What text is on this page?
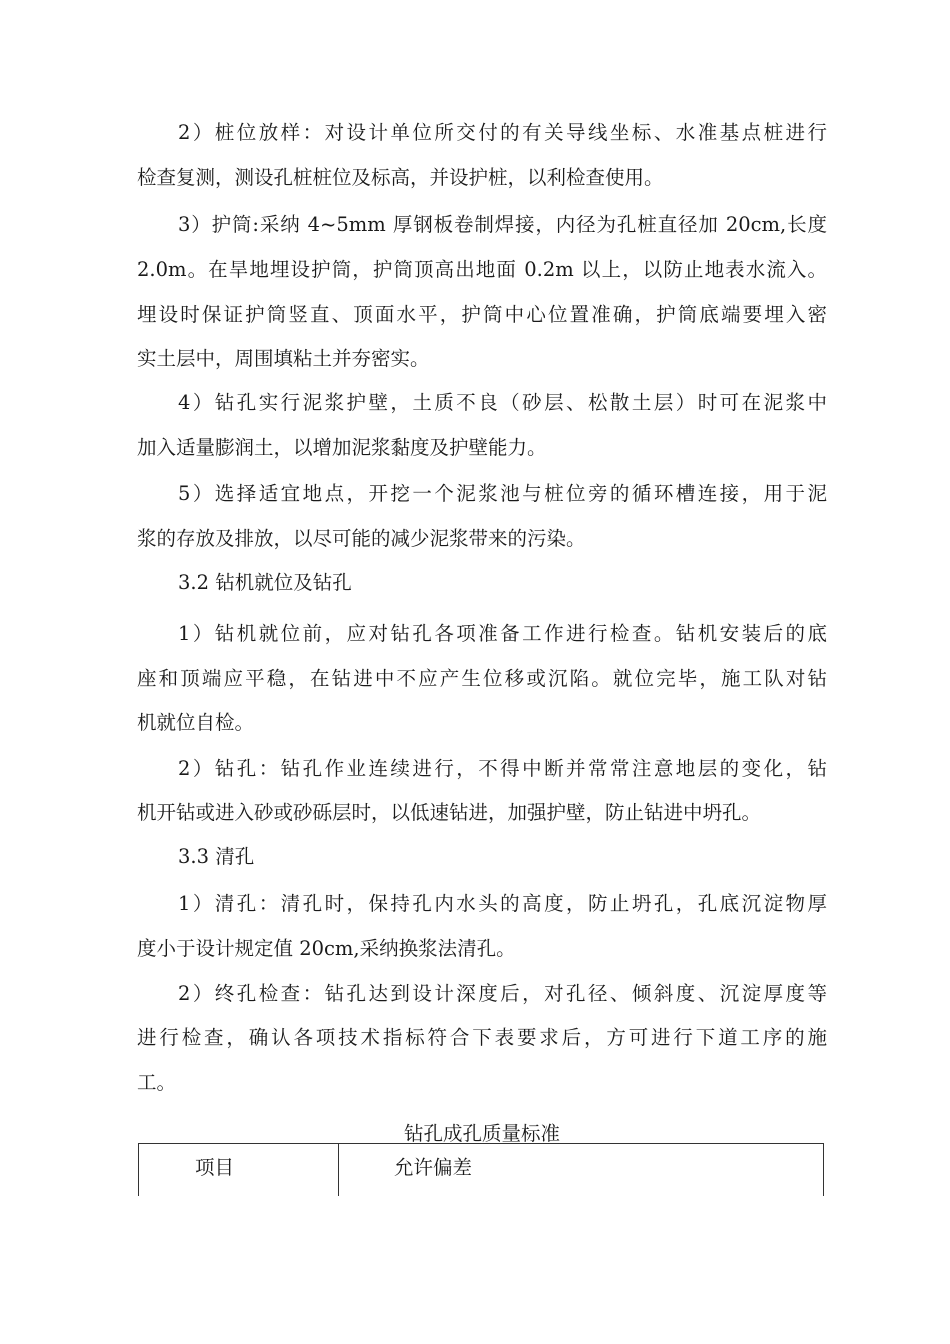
2）桩位放样：对设计单位所交付的有关导线坐标、水准基点桩进行
检查复测，测设孔桩桩位及标高，并设护桩，以利检查使用。
3）护筒:采纳 4~5mm 厚钢板卷制焊接，内径为孔桩直径加 20cm,长度
2.0m。在旱地埋设护筒，护筒顶高出地面 0.2m 以上，以防止地表水流入。
埋设时保证护筒竖直、顶面水平，护筒中心位置准确，护筒底端要埋入密
实土层中，周围填粘土并夯密实。
4）钻孔实行泥浆护壁，土质不良（砂层、松散土层）时可在泥浆中
加入适量膨润土，以增加泥浆黏度及护壁能力。
5）选择适宜地点，开挖一个泥浆池与桩位旁的循环槽连接，用于泥
浆的存放及排放，以尽可能的减少泥浆带来的污染。
3.2 钻机就位及钻孔
1）钻机就位前，应对钻孔各项准备工作进行检查。钻机安装后的底
座和顶端应平稳，在钻进中不应产生位移或沉陷。就位完毕，施工队对钻
机就位自检。
2）钻孔：钻孔作业连续进行，不得中断并常常注意地层的变化，钻
机开钻或进入砂或砂砾层时，以低速钻进，加强护壁，防止钻进中坍孔。
3.3 清孔
1）清孔：清孔时，保持孔内水头的高度，防止坍孔，孔底沉淀物厚
度小于设计规定值 20cm,采纳换浆法清孔。
2）终孔检查：钻孔达到设计深度后，对孔径、倾斜度、沉淀厚度等
进行检查，确认各项技术指标符合下表要求后，方可进行下道工序的施
工。
钻孔成孔质量标准
项目	允许偏差
